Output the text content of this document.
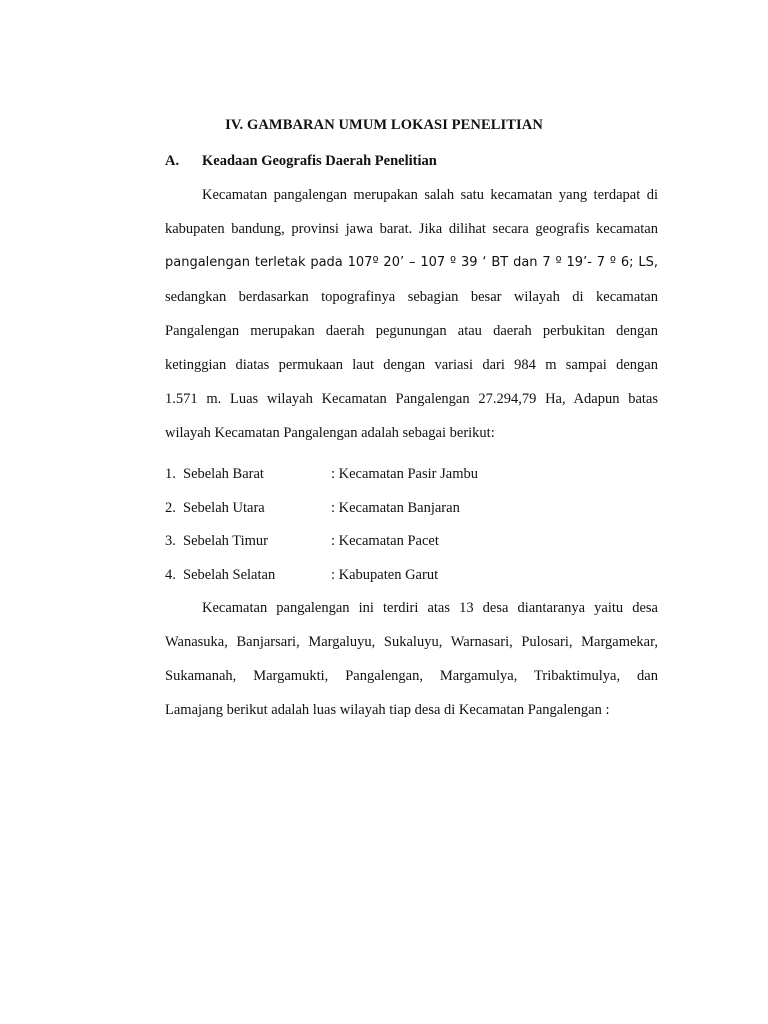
IV. GAMBARAN UMUM LOKASI PENELITIAN
A. Keadaan Geografis Daerah Penelitian
Kecamatan pangalengan merupakan salah satu kecamatan yang terdapat di
kabupaten bandung, provinsi jawa barat. Jika dilihat secara geografis kecamatan
pangalengan terletak pada 107º 20’ – 107 º 39 ‘ BT dan 7 º 19’- 7 º 6; LS,
sedangkan berdasarkan topografinya sebagian besar wilayah di kecamatan
Pangalengan merupakan daerah pegunungan atau daerah perbukitan dengan
ketinggian diatas permukaan laut dengan variasi dari 984 m sampai dengan
1.571 m. Luas wilayah Kecamatan Pangalengan 27.294,79 Ha, Adapun batas
wilayah Kecamatan Pangalengan adalah sebagai berikut:
1. Sebelah Barat	: Kecamatan Pasir Jambu
2. Sebelah Utara	: Kecamatan Banjaran
3. Sebelah Timur	: Kecamatan Pacet
4. Sebelah Selatan	: Kabupaten Garut
Kecamatan pangalengan ini terdiri atas 13 desa diantaranya yaitu desa
Wanasuka, Banjarsari, Margaluyu, Sukaluyu, Warnasari, Pulosari, Margamekar,
Sukamanah, Margamukti, Pangalengan, Margamulya, Tribaktimulya, dan
Lamajang berikut adalah luas wilayah tiap desa di Kecamatan Pangalengan :
